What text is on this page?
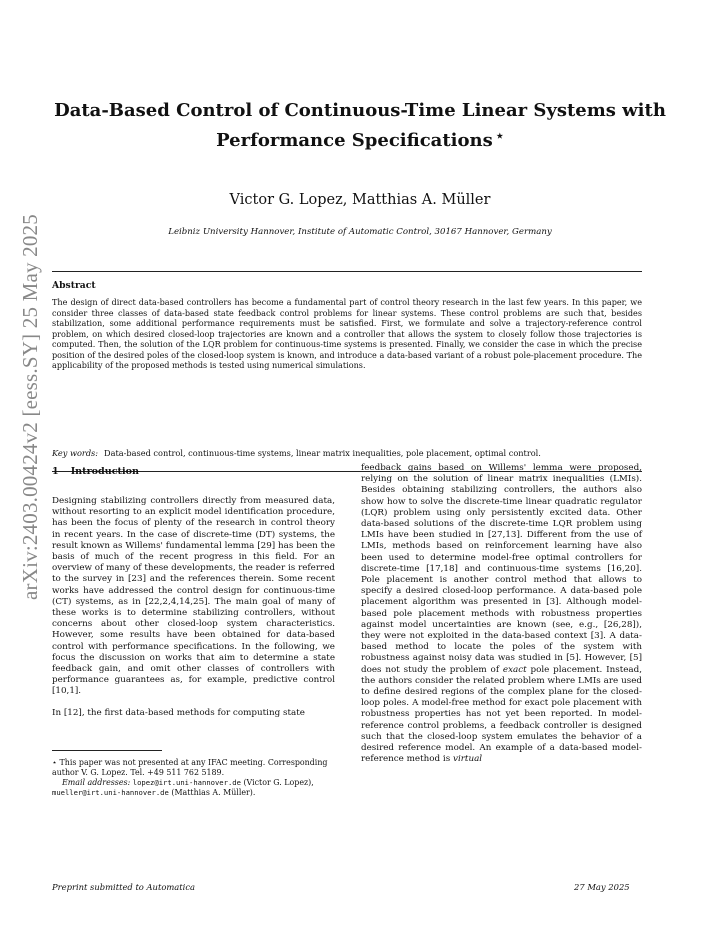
arXiv:2403.00424v2 [eess.SY] 25 May 2025
Data-Based Control of Continuous-Time Linear Systems with
Performance Specifications ⋆
Victor G. Lopez, Matthias A. Müller
Leibniz University Hannover, Institute of Automatic Control, 30167 Hannover, Germany
Abstract
The design of direct data-based controllers has become a fundamental part of control theory research in the last few years. In this paper, we consider three classes of data-based state feedback control problems for linear systems. These control problems are such that, besides stabilization, some additional performance requirements must be satisfied. First, we formulate and solve a trajectory-reference control problem, on which desired closed-loop trajectories are known and a controller that allows the system to closely follow those trajectories is computed. Then, the solution of the LQR problem for continuous-time systems is presented. Finally, we consider the case in which the precise position of the desired poles of the closed-loop system is known, and introduce a data-based variant of a robust pole-placement procedure. The applicability of the proposed methods is tested using numerical simulations.
Key words: Data-based control, continuous-time systems, linear matrix inequalities, pole placement, optimal control.
1 Introduction

Designing stabilizing controllers directly from measured data, without resorting to an explicit model identification procedure, has been the focus of plenty of the research in control theory in recent years. In the case of discrete-time (DT) systems, the result known as Willems' fundamental lemma [29] has been the basis of much of the recent progress in this field. For an overview of many of these developments, the reader is referred to the survey in [23] and the references therein. Some recent works have addressed the control design for continuous-time (CT) systems, as in [22,2,4,14,25]. The main goal of many of these works is to determine stabilizing controllers, without concerns about other closed-loop system characteristics. However, some results have been obtained for data-based control with performance specifications. In the following, we focus the discussion on works that aim to determine a state feedback gain, and omit other classes of controllers with performance guarantees as, for example, predictive control [10,1].

In [12], the first data-based methods for computing state

feedback gains based on Willems' lemma were proposed, relying on the solution of linear matrix inequalities (LMIs). Besides obtaining stabilizing controllers, the authors also show how to solve the discrete-time linear quadratic regulator (LQR) problem using only persistently excited data. Other data-based solutions of the discrete-time LQR problem using LMIs have been studied in [27,13]. Different from the use of LMIs, methods based on reinforcement learning have also been used to determine model-free optimal controllers for discrete-time [17,18] and continuous-time systems [16,20]. Pole placement is another control method that allows to specify a desired closed-loop performance. A data-based pole placement algorithm was presented in [3]. Although model-based pole placement methods with robustness properties against model uncertainties are known (see, e.g., [26,28]), they were not exploited in the data-based context [3]. A data-based method to locate the poles of the system with robustness against noisy data was studied in [5]. However, [5] does not study the problem of exact pole placement. Instead, the authors consider the related problem where LMIs are used to define desired regions of the complex plane for the closed-loop poles. A model-free method for exact pole placement with robustness properties has not yet been reported. In model-reference control problems, a feedback controller is designed such that the closed-loop system emulates the behavior of a desired reference model. An example of a data-based model-reference method is virtual

⋆ This paper was not presented at any IFAC meeting. Corresponding author V. G. Lopez. Tel. +49 511 762 5189.
Email addresses: lopez@irt.uni-hannover.de (Victor G. Lopez), mueller@irt.uni-hannover.de (Matthias A. Müller).
Preprint submitted to Automatica	27 May 2025
